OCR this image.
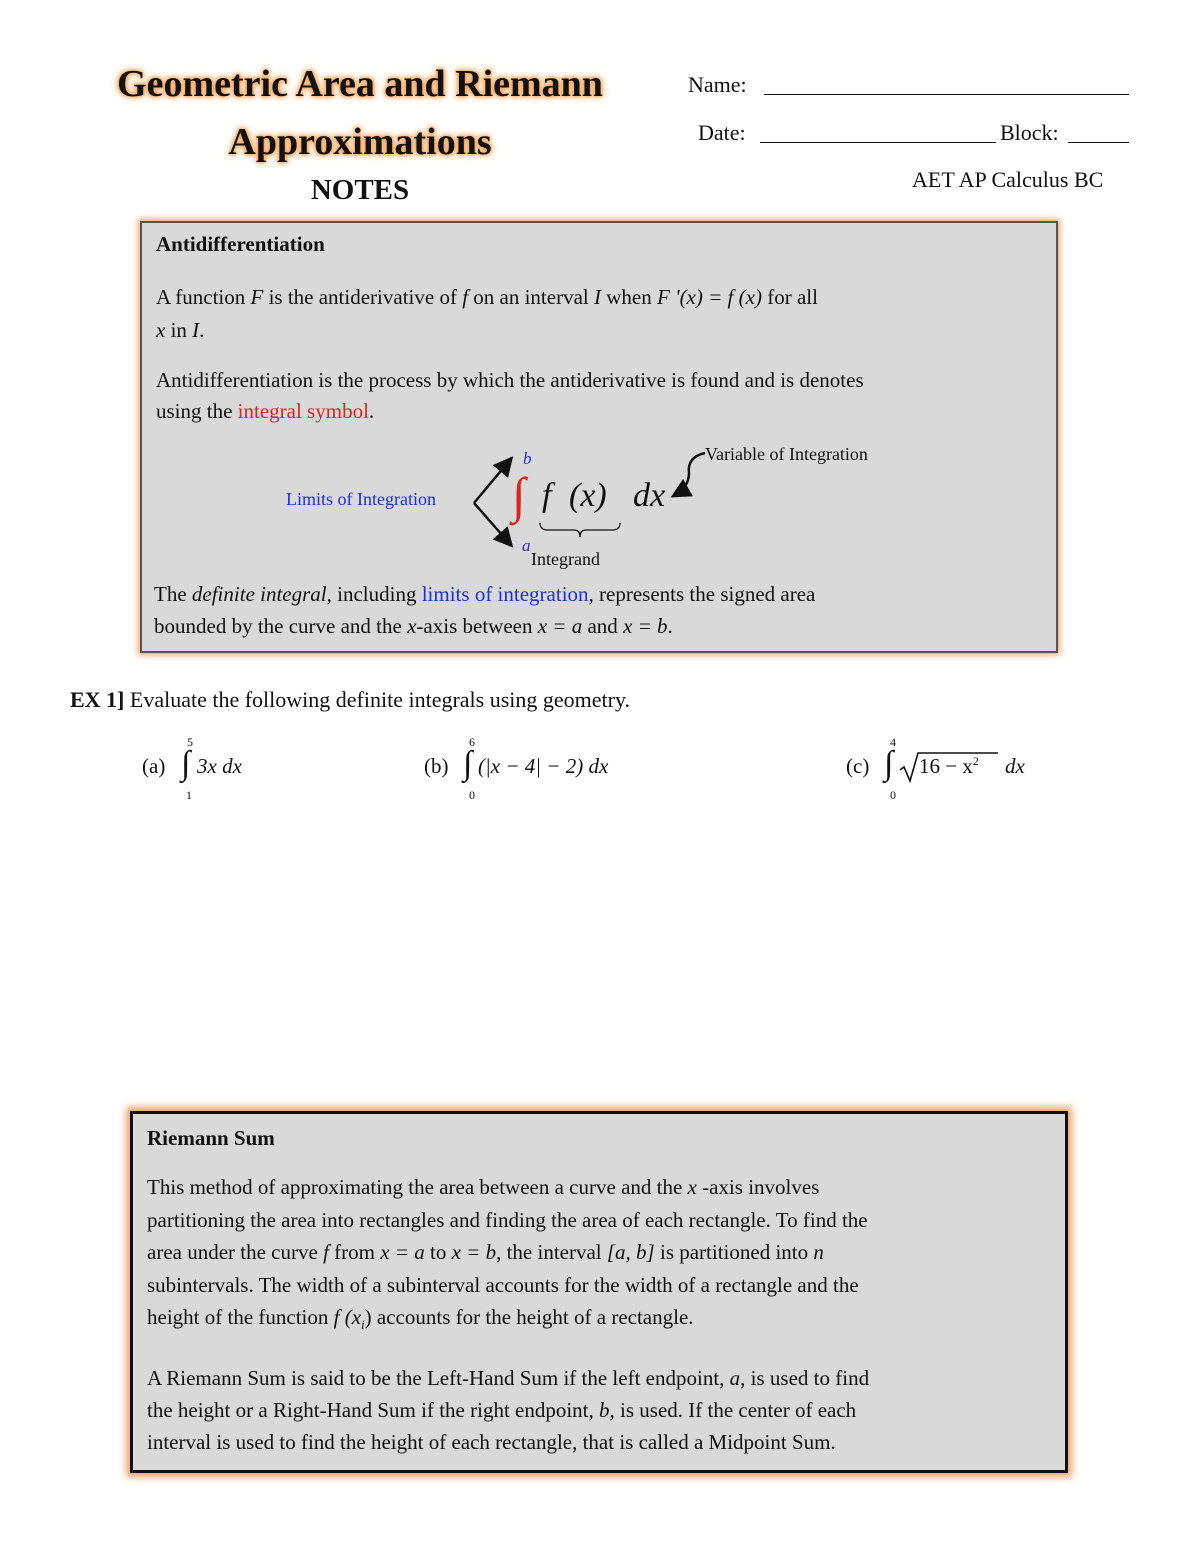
Geometric Area and Riemann
Approximations
NOTES
Name:
Date:	Block:
AET AP Calculus BC
Antidifferentiation
A function F is the antiderivative of f on an interval I when F '(x) = f (x) for all
x in I.
Antidifferentiation is the process by which the antiderivative is found and is denotes
using the integral symbol.
Limits of Integration
b
∫
a
f (x) dx
Integrand
Variable of Integration
The definite integral, including limits of integration, represents the signed area
bounded by the curve and the x-axis between x = a and x = b.
EX 1] Evaluate the following definite integrals using geometry.
(a)
5
∫
1
3x dx	(b)
6
∫
0
(|x − 4| − 2) dx	(c)
4
∫
0
$16 - x^2$ dx
Riemann Sum
This method of approximating the area between a curve and the x -axis involves
partitioning the area into rectangles and finding the area of each rectangle. To find the
area under the curve f from x = a to x = b, the interval [a, b] is partitioned into n
subintervals. The width of a subinterval accounts for the width of a rectangle and the
height of the function f $(x_i)$ accounts for the height of a rectangle.
A Riemann Sum is said to be the Left-Hand Sum if the left endpoint, a, is used to find
the height or a Right-Hand Sum if the right endpoint, b, is used. If the center of each
interval is used to find the height of each rectangle, that is called a Midpoint Sum.
